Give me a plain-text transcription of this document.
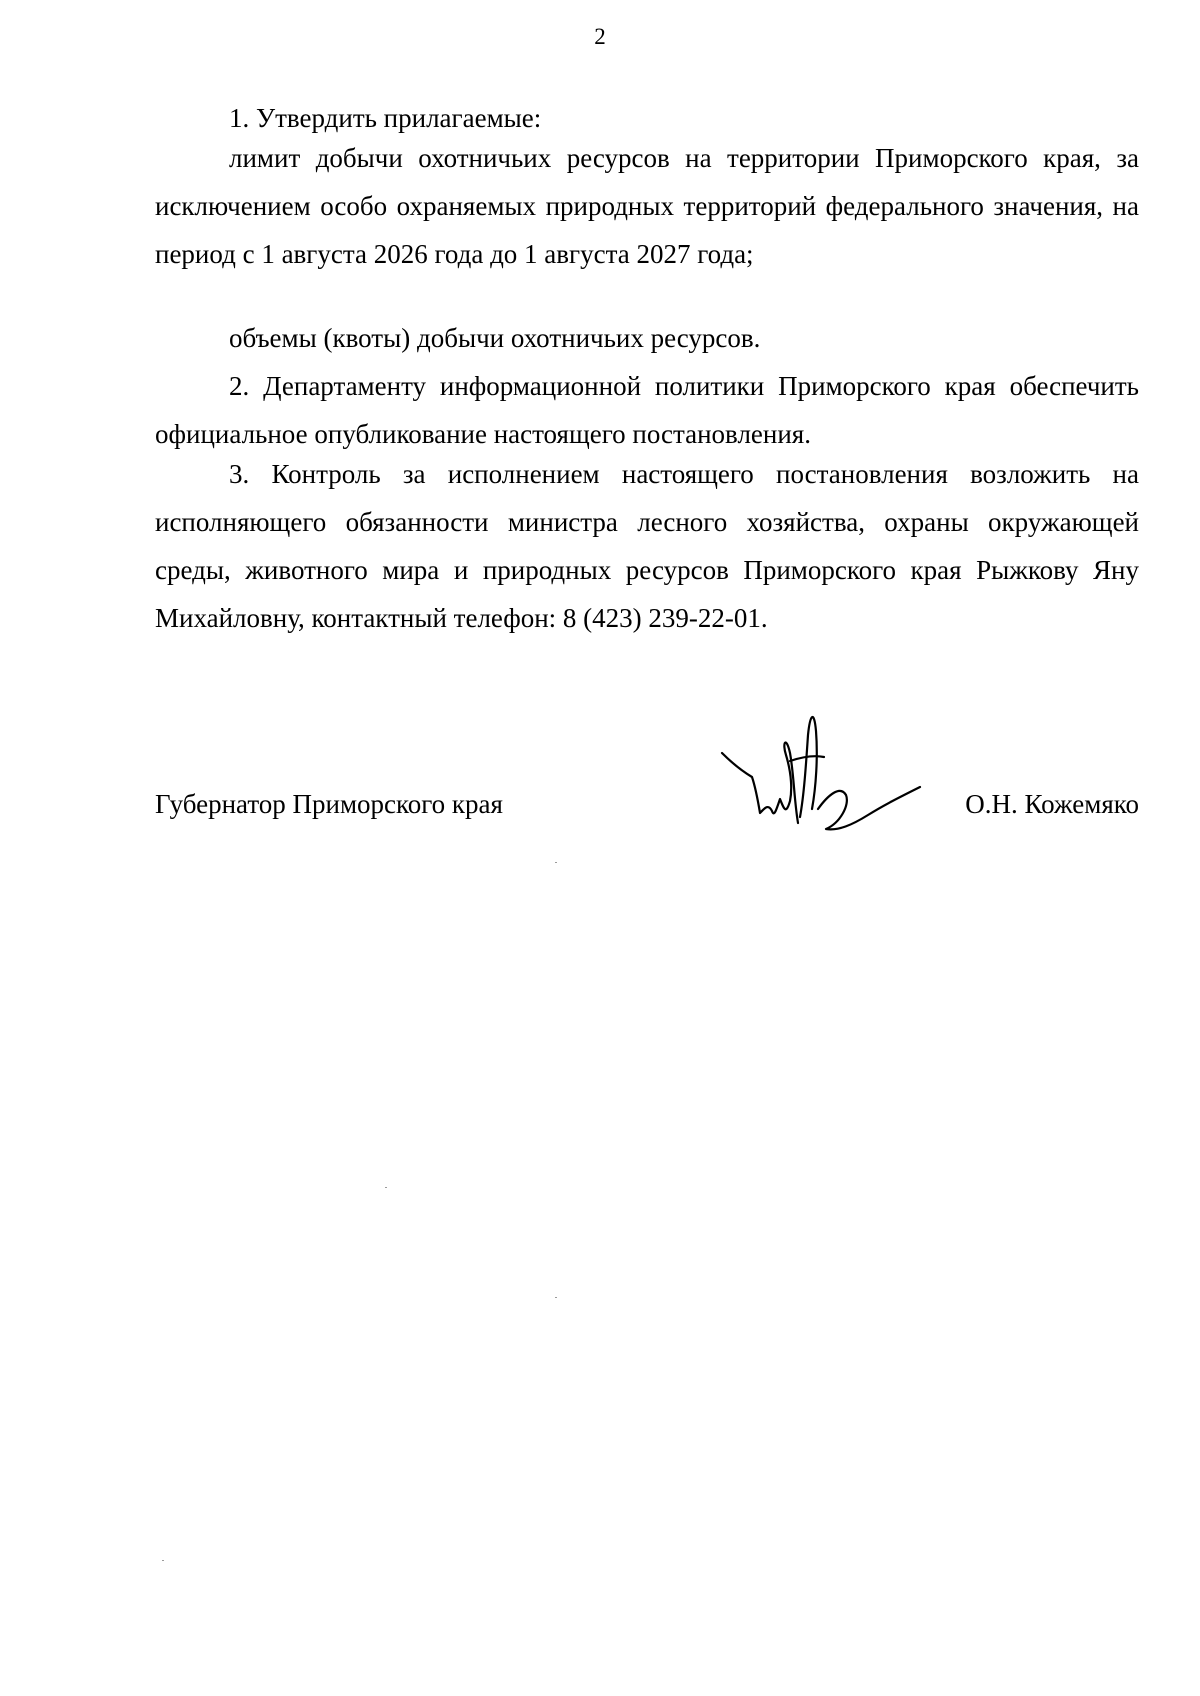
2

1. Утвердить прилагаемые:

лимит добычи охотничьих ресурсов на территории Приморского края, за исключением особо охраняемых природных территорий федерального значения, на период с 1 августа 2026 года до 1 августа 2027 года;

объемы (квоты) добычи охотничьих ресурсов.

2. Департаменту информационной политики Приморского края обеспечить официальное опубликование настоящего постановления.

3. Контроль за исполнением настоящего постановления возложить на исполняющего обязанности министра лесного хозяйства, охраны окружающей среды, животного мира и природных ресурсов Приморского края Рыжкову Яну Михайловну, контактный телефон: 8 (423) 239-22-01.

Губернатор Приморского края	О.Н. Кожемяко
